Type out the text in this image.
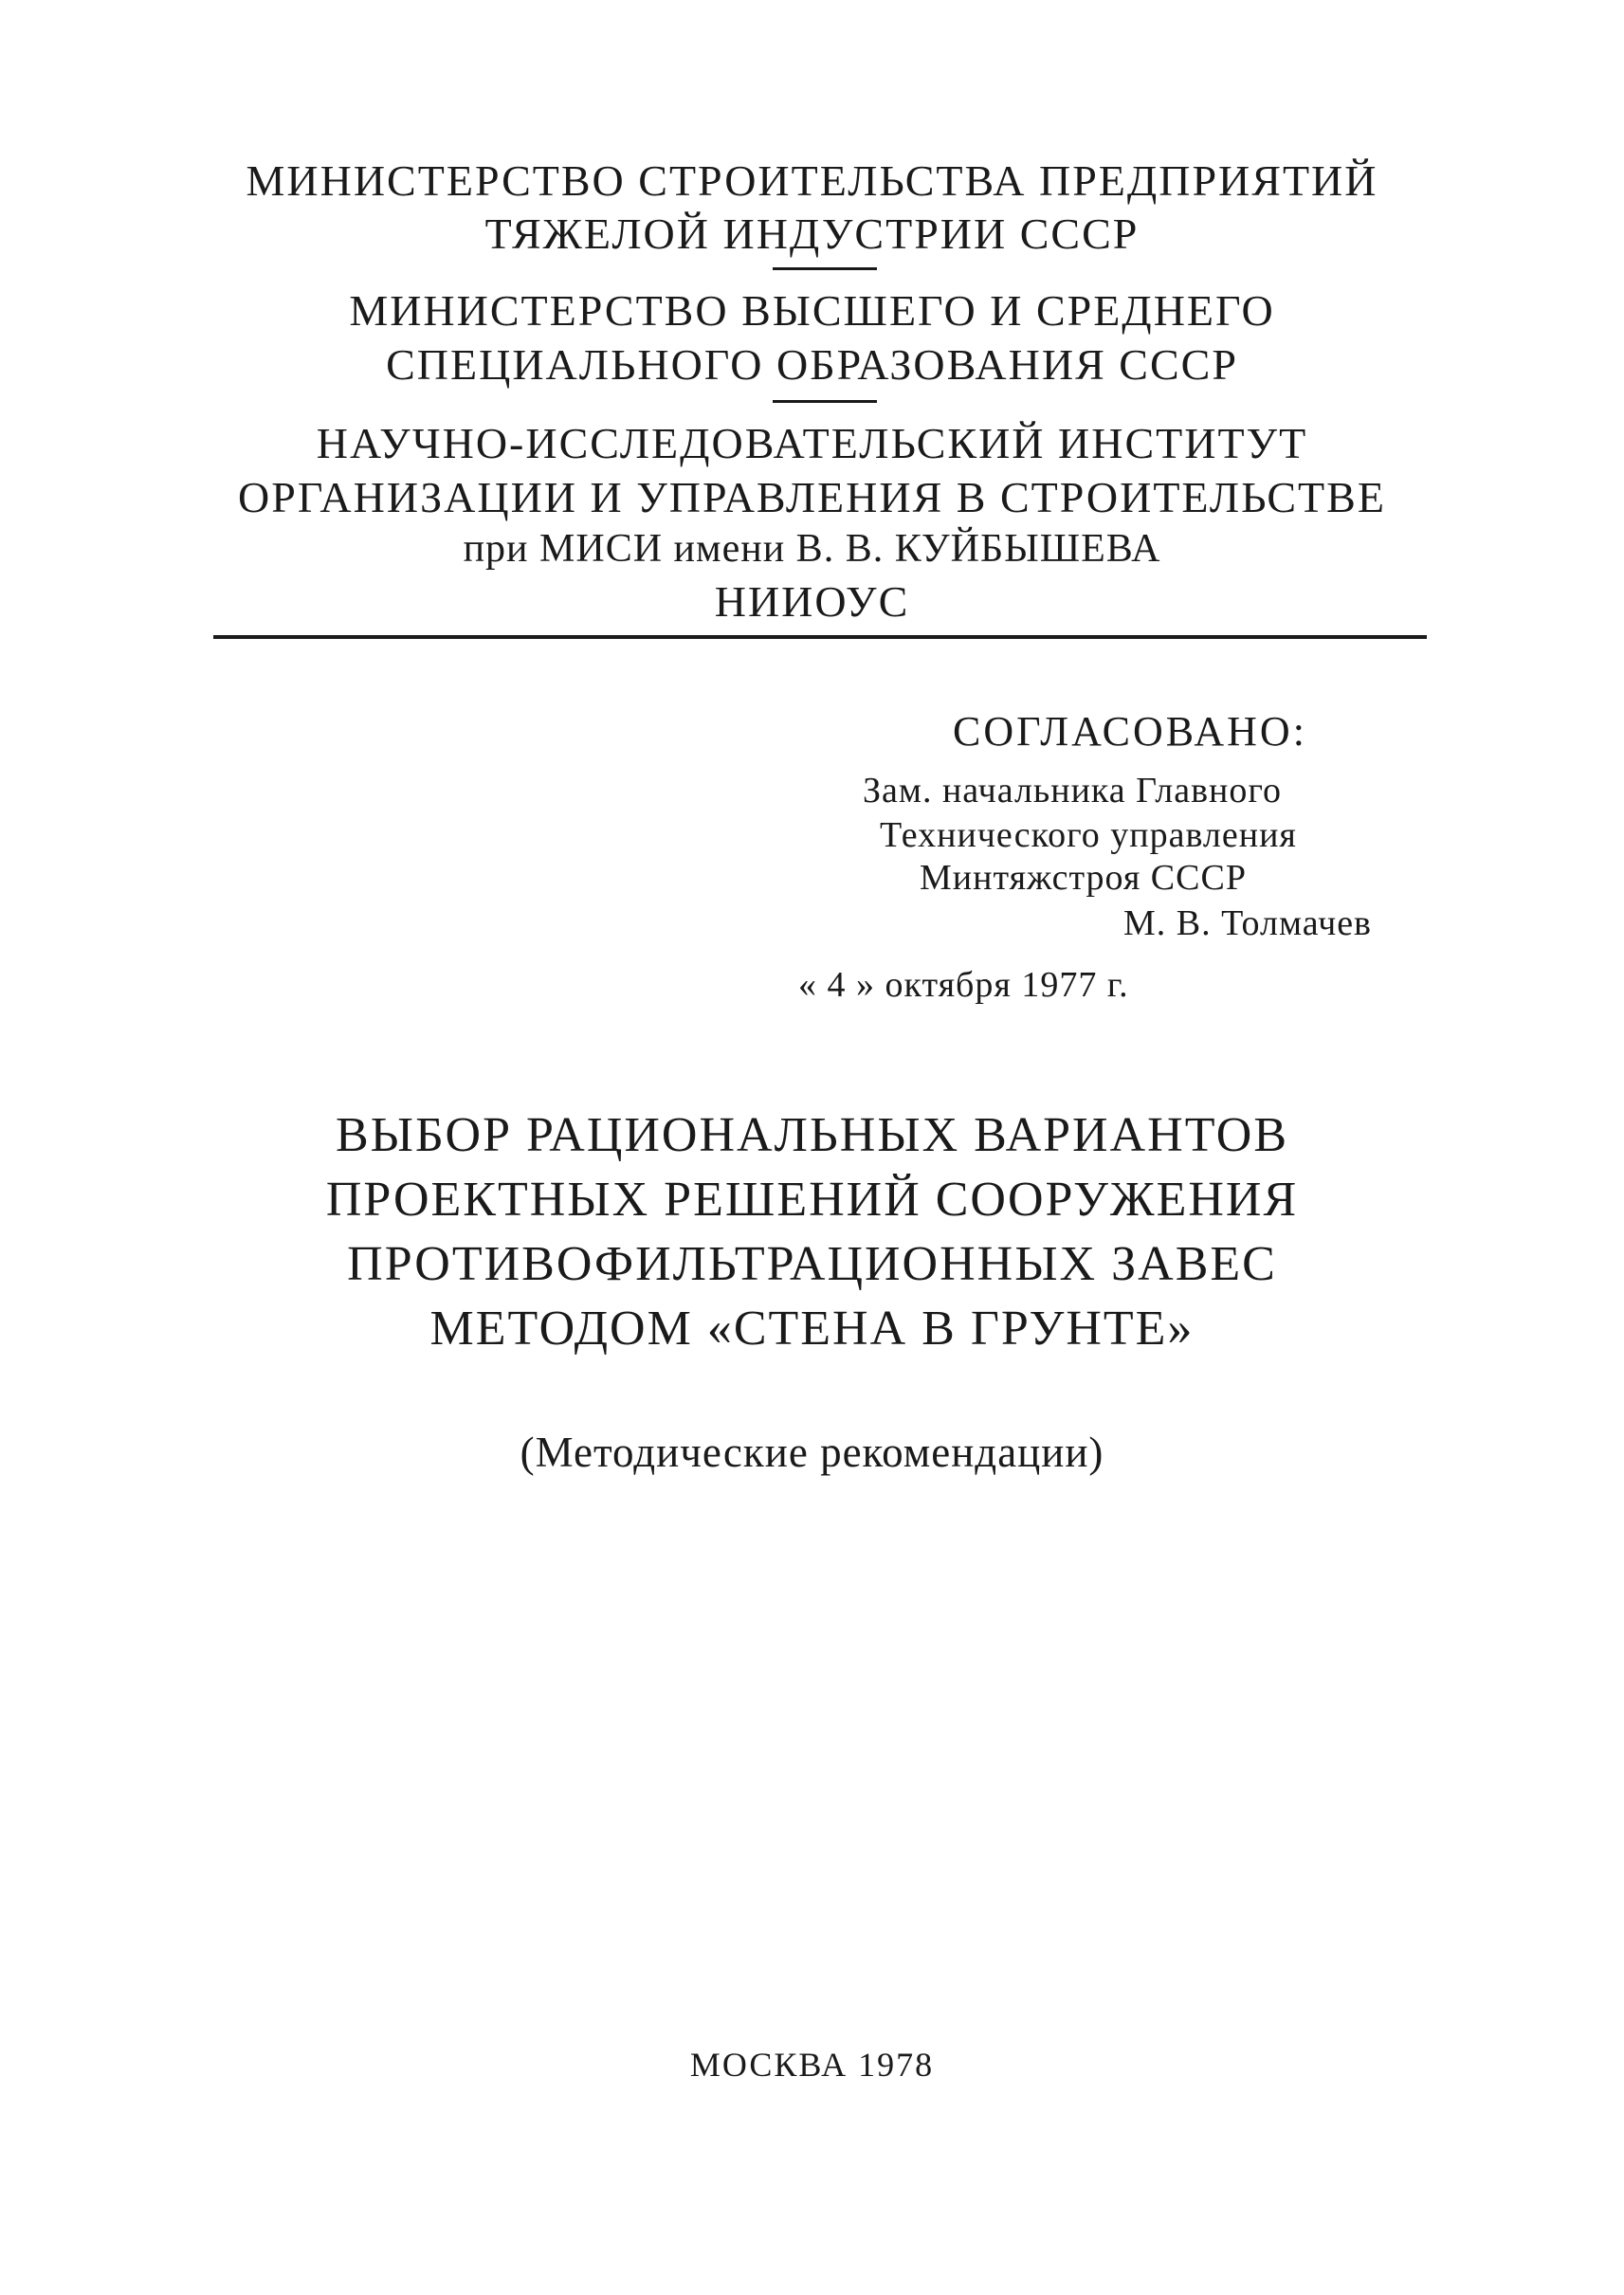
МИНИСТЕРСТВО СТРОИТЕЛЬСТВА ПРЕДПРИЯТИЙ
ТЯЖЕЛОЙ ИНДУСТРИИ СССР
МИНИСТЕРСТВО ВЫСШЕГО И СРЕДНЕГО
СПЕЦИАЛЬНОГО ОБРАЗОВАНИЯ СССР
НАУЧНО-ИССЛЕДОВАТЕЛЬСКИЙ ИНСТИТУТ
ОРГАНИЗАЦИИ И УПРАВЛЕНИЯ В СТРОИТЕЛЬСТВЕ
при МИСИ имени В. В. КУЙБЫШЕВА
НИИОУС
СОГЛАСОВАНО:
Зам. начальника Главного
Технического управления
Минтяжстроя СССР
М. В. Толмачев
« 4 » октября 1977 г.
ВЫБОР РАЦИОНАЛЬНЫХ ВАРИАНТОВ
ПРОЕКТНЫХ РЕШЕНИЙ СООРУЖЕНИЯ
ПРОТИВОФИЛЬТРАЦИОННЫХ ЗАВЕС
МЕТОДОМ «СТЕНА В ГРУНТЕ»
(Методические рекомендации)
МОСКВА 1978
